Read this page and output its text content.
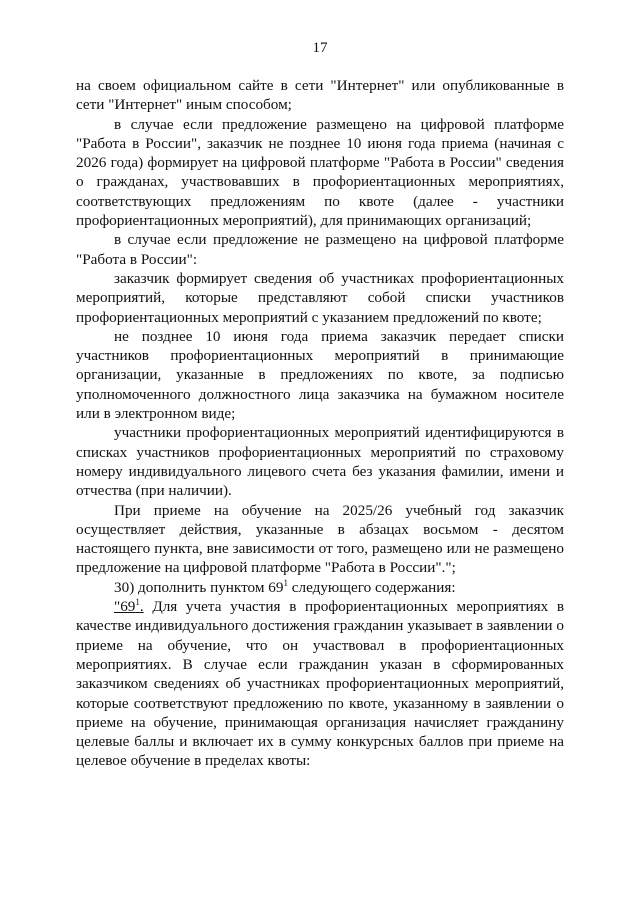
17

на своем официальном сайте в сети "Интернет" или опубликованные в сети "Интернет" иным способом;

в случае если предложение размещено на цифровой платформе "Работа в России", заказчик не позднее 10 июня года приема (начиная с 2026 года) формирует на цифровой платформе "Работа в России" сведения о гражданах, участвовавших в профориентационных мероприятиях, соответствующих предложениям по квоте (далее - участники профориентационных мероприятий), для принимающих организаций;

в случае если предложение не размещено на цифровой платформе "Работа в России":

заказчик формирует сведения об участниках профориентационных мероприятий, которые представляют собой списки участников профориентационных мероприятий с указанием предложений по квоте;

не позднее 10 июня года приема заказчик передает списки участников профориентационных мероприятий в принимающие организации, указанные в предложениях по квоте, за подписью уполномоченного должностного лица заказчика на бумажном носителе или в электронном виде;

участники профориентационных мероприятий идентифицируются в списках участников профориентационных мероприятий по страховому номеру индивидуального лицевого счета без указания фамилии, имени и отчества (при наличии).

При приеме на обучение на 2025/26 учебный год заказчик осуществляет действия, указанные в абзацах восьмом - десятом настоящего пункта, вне зависимости от того, размещено или не размещено предложение на цифровой платформе "Работа в России".";

30) дополнить пунктом $69^1$ следующего содержания:

"$69^1$. Для учета участия в профориентационных мероприятиях в качестве индивидуального достижения гражданин указывает в заявлении о приеме на обучение, что он участвовал в профориентационных мероприятиях. В случае если гражданин указан в сформированных заказчиком сведениях об участниках профориентационных мероприятий, которые соответствуют предложению по квоте, указанному в заявлении о приеме на обучение, принимающая организация начисляет гражданину целевые баллы и включает их в сумму конкурсных баллов при приеме на целевое обучение в пределах квоты:
